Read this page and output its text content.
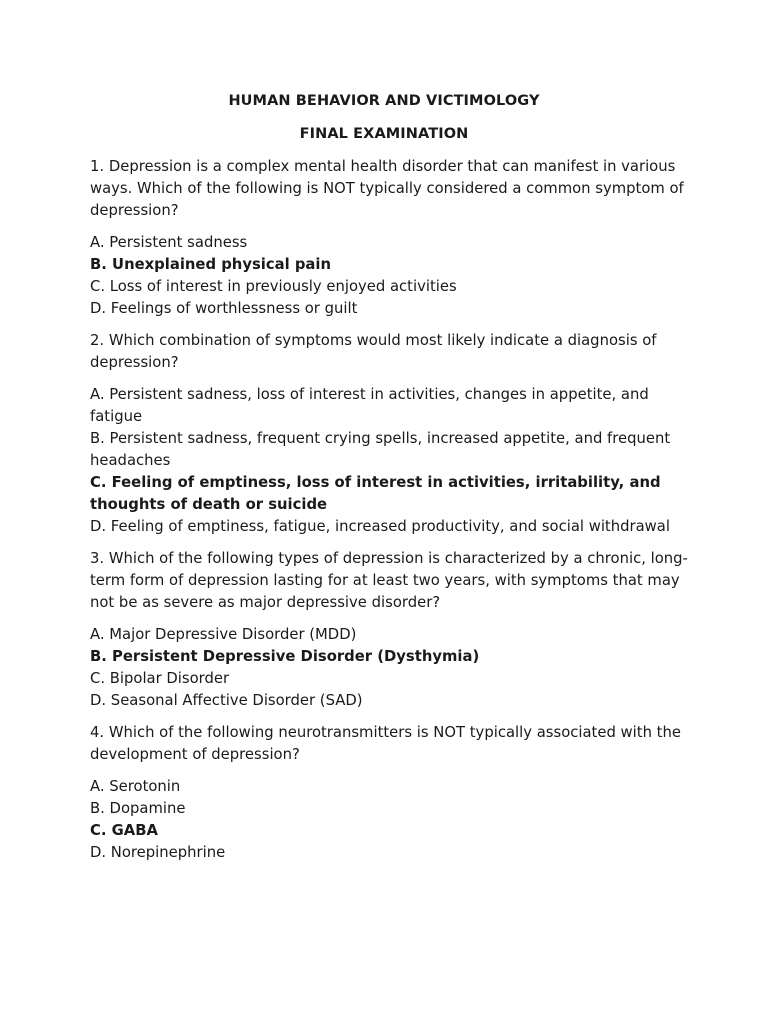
HUMAN BEHAVIOR AND VICTIMOLOGY
FINAL EXAMINATION

1. Depression is a complex mental health disorder that can manifest in various ways. Which of the following is NOT typically considered a common symptom of depression?

A. Persistent sadness
B. Unexplained physical pain
C. Loss of interest in previously enjoyed activities
D. Feelings of worthlessness or guilt

2. Which combination of symptoms would most likely indicate a diagnosis of depression?

A. Persistent sadness, loss of interest in activities, changes in appetite, and fatigue
B. Persistent sadness, frequent crying spells, increased appetite, and frequent headaches
C. Feeling of emptiness, loss of interest in activities, irritability, and thoughts of death or suicide
D. Feeling of emptiness, fatigue, increased productivity, and social withdrawal

3. Which of the following types of depression is characterized by a chronic, long-term form of depression lasting for at least two years, with symptoms that may not be as severe as major depressive disorder?

A. Major Depressive Disorder (MDD)
B. Persistent Depressive Disorder (Dysthymia)
C. Bipolar Disorder
D. Seasonal Affective Disorder (SAD)

4. Which of the following neurotransmitters is NOT typically associated with the development of depression?

A. Serotonin
B. Dopamine
C. GABA
D. Norepinephrine
